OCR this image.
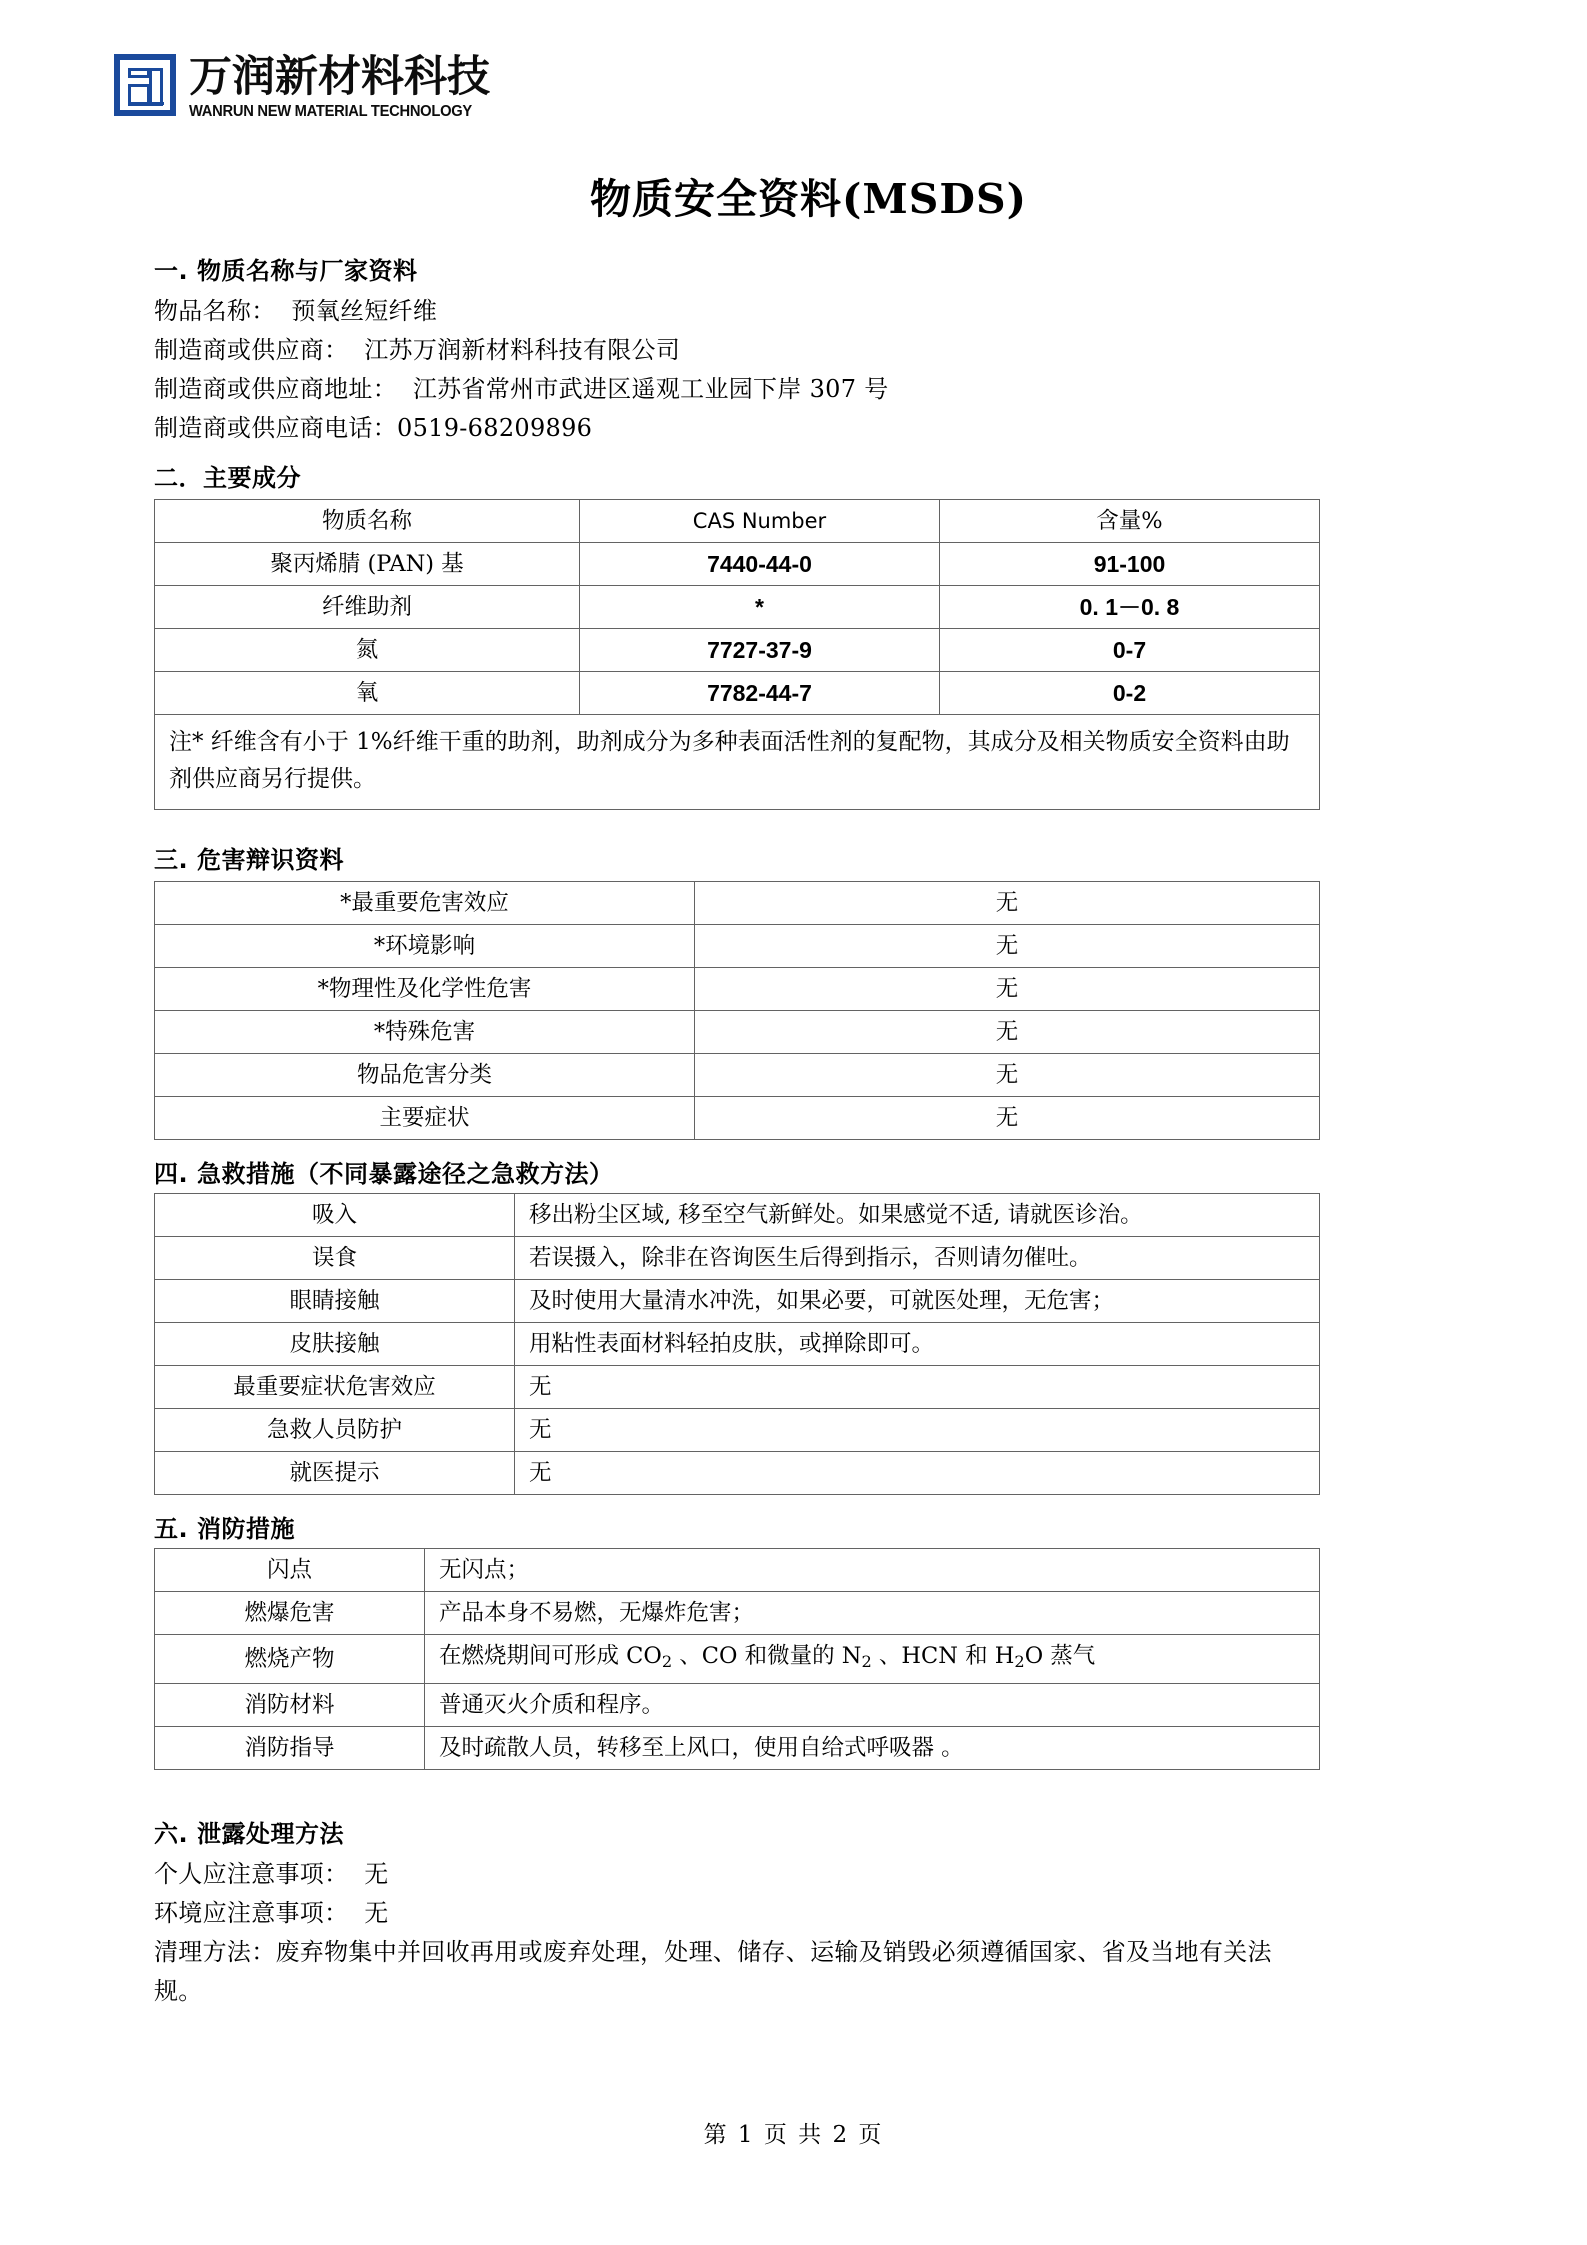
万润新材料科技
WANRUN NEW MATERIAL TECHNOLOGY
物质安全资料(MSDS)
一. 物质名称与厂家资料
物品名称：  预氧丝短纤维
制造商或供应商：  江苏万润新材料科技有限公司
制造商或供应商地址：  江苏省常州市武进区遥观工业园下岸 307 号
制造商或供应商电话：0519-68209896
二．主要成分
物质名称	CAS Number	含量%
聚丙烯腈 (PAN) 基	7440-44-0	91-100
纤维助剂	*	0. 1－0. 8
氮	7727-37-9	0-7
氧	7782-44-7	0-2
注* 纤维含有小于 1%纤维干重的助剂，助剂成分为多种表面活性剂的复配物，其成分及相关物质安全资料由助剂供应商另行提供。		
三. 危害辩识资料
*最重要危害效应	无
*环境影响	无
*物理性及化学性危害	无
*特殊危害	无
物品危害分类	无
主要症状	无
四. 急救措施（不同暴露途径之急救方法）
吸入	移出粉尘区域, 移至空气新鲜处。如果感觉不适, 请就医诊治。
误食	若误摄入，除非在咨询医生后得到指示，否则请勿催吐。
眼睛接触	及时使用大量清水冲洗，如果必要，可就医处理，无危害；
皮肤接触	用粘性表面材料轻拍皮肤，或掸除即可。
最重要症状危害效应	无
急救人员防护	无
就医提示	无
五. 消防措施
闪点	无闪点；
燃爆危害	产品本身不易燃，无爆炸危害；
燃烧产物	在燃烧期间可形成 $CO_2$ 、CO 和微量的 $N_2$ 、HCN 和 $H_2O$ 蒸气
消防材料	普通灭火介质和程序。
消防指导	及时疏散人员，转移至上风口，使用自给式呼吸器 。
六. 泄露处理方法
个人应注意事项：  无
环境应注意事项：  无
清理方法：废弃物集中并回收再用或废弃处理，处理、储存、运输及销毁必须遵循国家、省及当地有关法规。
第 1 页 共 2 页
